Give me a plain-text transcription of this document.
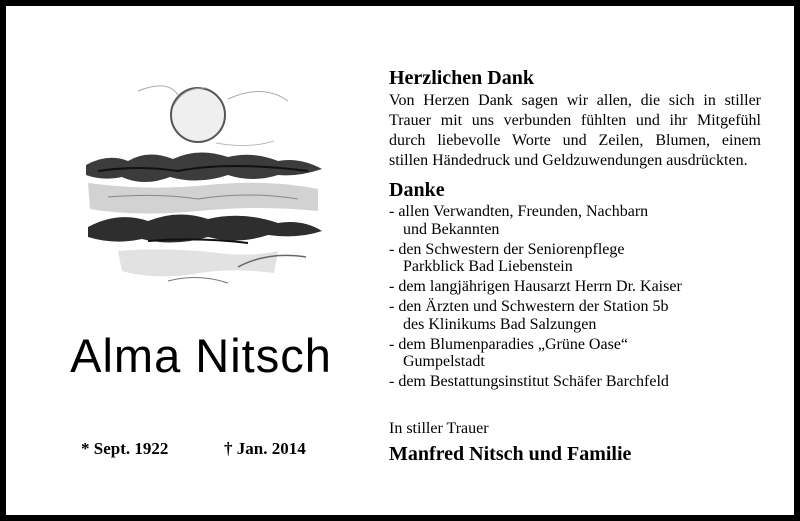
Alma Nitsch
* Sept. 1922	† Jan. 2014
Herzlichen Dank

Von Herzen Dank sagen wir allen, die sich in stiller
Trauer mit uns verbunden fühlten und ihr Mitgefühl
durch liebevolle Worte und Zeilen, Blumen, einem
stillen Händedruck und Geldzuwendungen ausdrückten.

Danke
- allen Verwandten, Freunden, Nachbarn
und Bekannten
- den Schwestern der Seniorenpflege
Parkblick Bad Liebenstein
- dem langjährigen Hausarzt Herrn Dr. Kaiser
- den Ärzten und Schwestern der Station 5b
des Klinikums Bad Salzungen
- dem Blumenparadies „Grüne Oase“
Gumpelstadt
- dem Bestattungsinstitut Schäfer Barchfeld
In stiller Trauer
Manfred Nitsch und Familie
